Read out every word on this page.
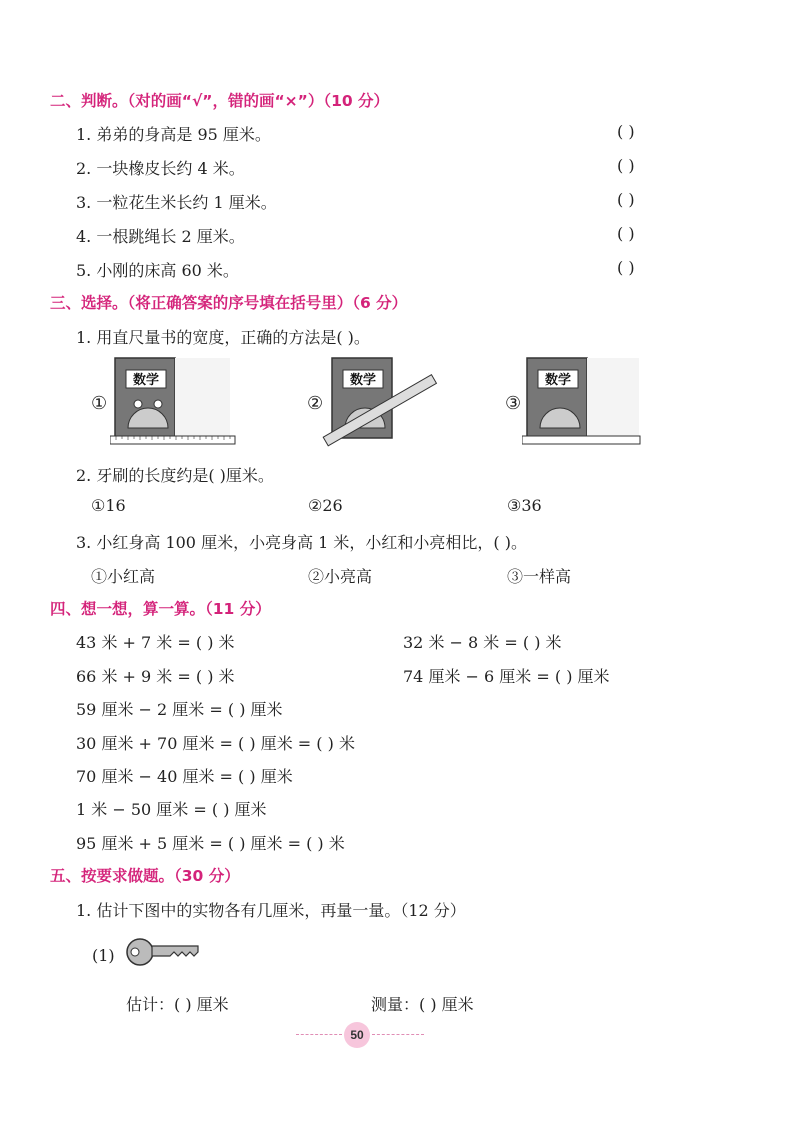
二、判断。（对的画“√”，错的画“×”）（10 分）
1. 弟弟的身高是 95 厘米。	( )
2. 一块橡皮长约 4 米。	( )
3. 一粒花生米长约 1 厘米。	( )
4. 一根跳绳长 2 厘米。	( )
5. 小刚的床高 60 米。	( )
三、选择。（将正确答案的序号填在括号里）（6 分）
1. 用直尺量书的宽度，正确的方法是( )。
①
数学
②
数学
③
数学
2. 牙刷的长度约是( )厘米。
①16	②26	③36
3. 小红身高 100 厘米，小亮身高 1 米，小红和小亮相比，( )。
①小红高	②小亮高	③一样高
四、想一想，算一算。（11 分）
43 米 + 7 米 = ( ) 米	32 米 − 8 米 = ( ) 米
66 米 + 9 米 = ( ) 米	74 厘米 − 6 厘米 = ( ) 厘米
59 厘米 − 2 厘米 = ( ) 厘米
30 厘米 + 70 厘米 = ( ) 厘米 = ( ) 米
70 厘米 − 40 厘米 = ( ) 厘米
1 米 − 50 厘米 = ( ) 厘米
95 厘米 + 5 厘米 = ( ) 厘米 = ( ) 米
五、按要求做题。（30 分）
1. 估计下图中的实物各有几厘米，再量一量。（12 分）
(1)
估计：( ) 厘米	测量：( ) 厘米
50
